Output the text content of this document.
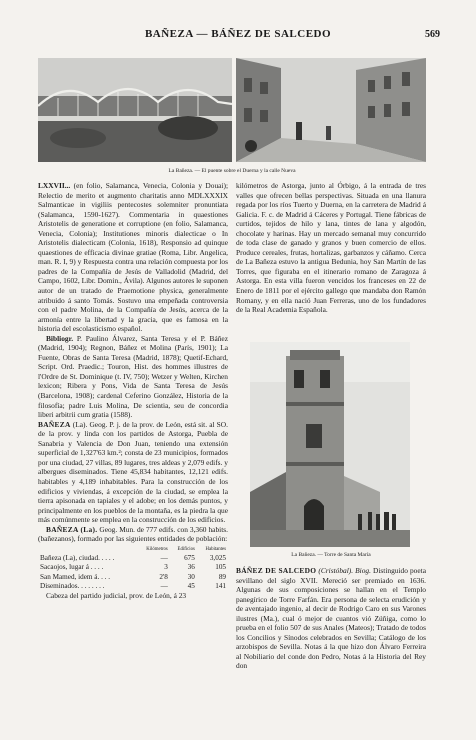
BAÑEZA — BÁÑEZ DE SALCEDO	569
La Bañeza. — El puente sobre el Duerna y la calle Nueva

LXXVII... (en folio, Salamanca, Venecia, Colonia y Douai); Relectio de merito et augmento charitatis anno MDLXXXIX Salmanticae in vigiliis pentecostes solemniter pronuntiata (Salamanca, 1590-1627). Commentaria in quaestiones Aristotelis de generatione et corruptione (en folio, Salamanca, Venecia, Colonia); Institutiones minoris dialecticae o In Aristotelis dialecticam (Colonia, 1618), Responsio ad quinque quaestiones de efficacia divinae gratiae (Roma, Libr. Angelica, man. R. I, 9) y Respuesta contra una relación compuesta por los padres de la Compañía de Jesús de Valladolid (Madrid, del Campo, 1602, Libr. Domin., Ávila). Algunos autores le suponen autor de un tratado de Praemotione physica, generalmente atribuido á santo Tomás. Sostuvo una empeñada controversia con el padre Molina, de la Compañía de Jesús, acerca de la armonía entre la libertad y la gracia, que es famosa en la historia del escolasticismo español.

Bibliogr. P. Paulino Álvarez, Santa Teresa y el P. Báñez (Madrid, 1904); Regnon, Báñez et Molina (París, 1901); La Fuente, Obras de Santa Teresa (Madrid, 1878); Quetif-Echard, Script. Ord. Praedic.; Touron, Hist. des hommes illustres de l'Ordre de St. Dominique (t. IV, 750); Wetzer y Welten, Kirchen lexicon; Ribera y Pons, Vida de Santa Teresa de Jesús (Barcelona, 1908); cardenal Ceferino González, Historia de la filosofía; padre Luis Molina, De scientia, seu de concordia liberi arbitrii cum gratia (1588).

BAÑEZA (La). Geog. P. j. de la prov. de León, está sit. al SO. de la prov. y linda con los partidos de Astorga, Puebla de Sanabria y Valencia de Don Juan, teniendo una extensión superficial de 1,327'63 km.²; consta de 23 municipios, formados por una ciudad, 27 villas, 89 lugares, tres aldeas y 2,079 edifs. y albergues diseminados. Tiene 45,834 habitantes, 12,121 edifs. habitables y 4,189 inhabitables. Para la construcción de los edificios y viviendas, á excepción de la ciudad, se emplea la tierra apisonada en tapiales y el adobe; en los demás puntos, y principalmente en los pueblos de la montaña, es la piedra la que más comúnmente se emplea en la construcción de los edificios.

BAÑEZA (La). Geog. Mun. de 777 edifs. con 3,360 habits. (bañezanos), formado por las siguientes entidades de población:

	Kilómetros	Edificios	Habitantes
Bañeza (La), ciudad. . . . .	—	675	3,025
Sacaojos, lugar á . . . .	3	36	105
San Mamed, idem á. . . .	2'8	30	89
Diseminados. . . . . . . .	—	45	141

Cabeza del partido judicial, prov. de León, á 23

kilómetros de Astorga, junto al Órbigo, á la entrada de tres valles que ofrecen bellas perspectivas. Situada en una llanura regada por los ríos Tuerto y Duerna, en la carretera de Madrid á Galicia. F. c. de Madrid á Cáceres y Portugal. Tiene fábricas de curtidos, tejidos de hilo y lana, tintes de lana y algodón, chocolate y harinas. Hay un mercado semanal muy concurrido de toda clase de ganado y granos y buen comercio de ellos. Produce cereales, frutas, hortalizas, garbanzos y cáñamo. Cerca de La Bañeza estuvo la antigua Bedunia, hoy San Martín de las Torres, que figuraba en el itinerario romano de Zaragoza á Astorga. En esta villa fueron vencidos los franceses en 22 de Enero de 1811 por el ejército gallego que mandaba don Ramón Romany, y en ella nació Juan Ferreras, uno de los fundadores de la Real Academia Española.

La Bañeza. — Torre de Santa María

BÁÑEZ DE SALCEDO (Cristóbal). Biog. Distinguido poeta sevillano del siglo XVII. Mereció ser premiado en 1636. Algunas de sus composiciones se hallan en el Templo panegírico de Torre Farfán. Era persona de selecta erudición y de aventajado ingenio, al decir de Rodrigo Caro en sus Varones ilustres (Ma.), cual ó mejor de cuantos vió Zúñiga, como lo prueba en el folio 507 de sus Anales (Mateos); Tratado de todos los Concilios y Sínodos celebrados en Sevilla; Catálogo de los arzobispos de Sevilla. Notas á la que hizo don Álvaro Ferreira al Nobiliario del conde don Pedro, Notas á la Historia del Rey don
